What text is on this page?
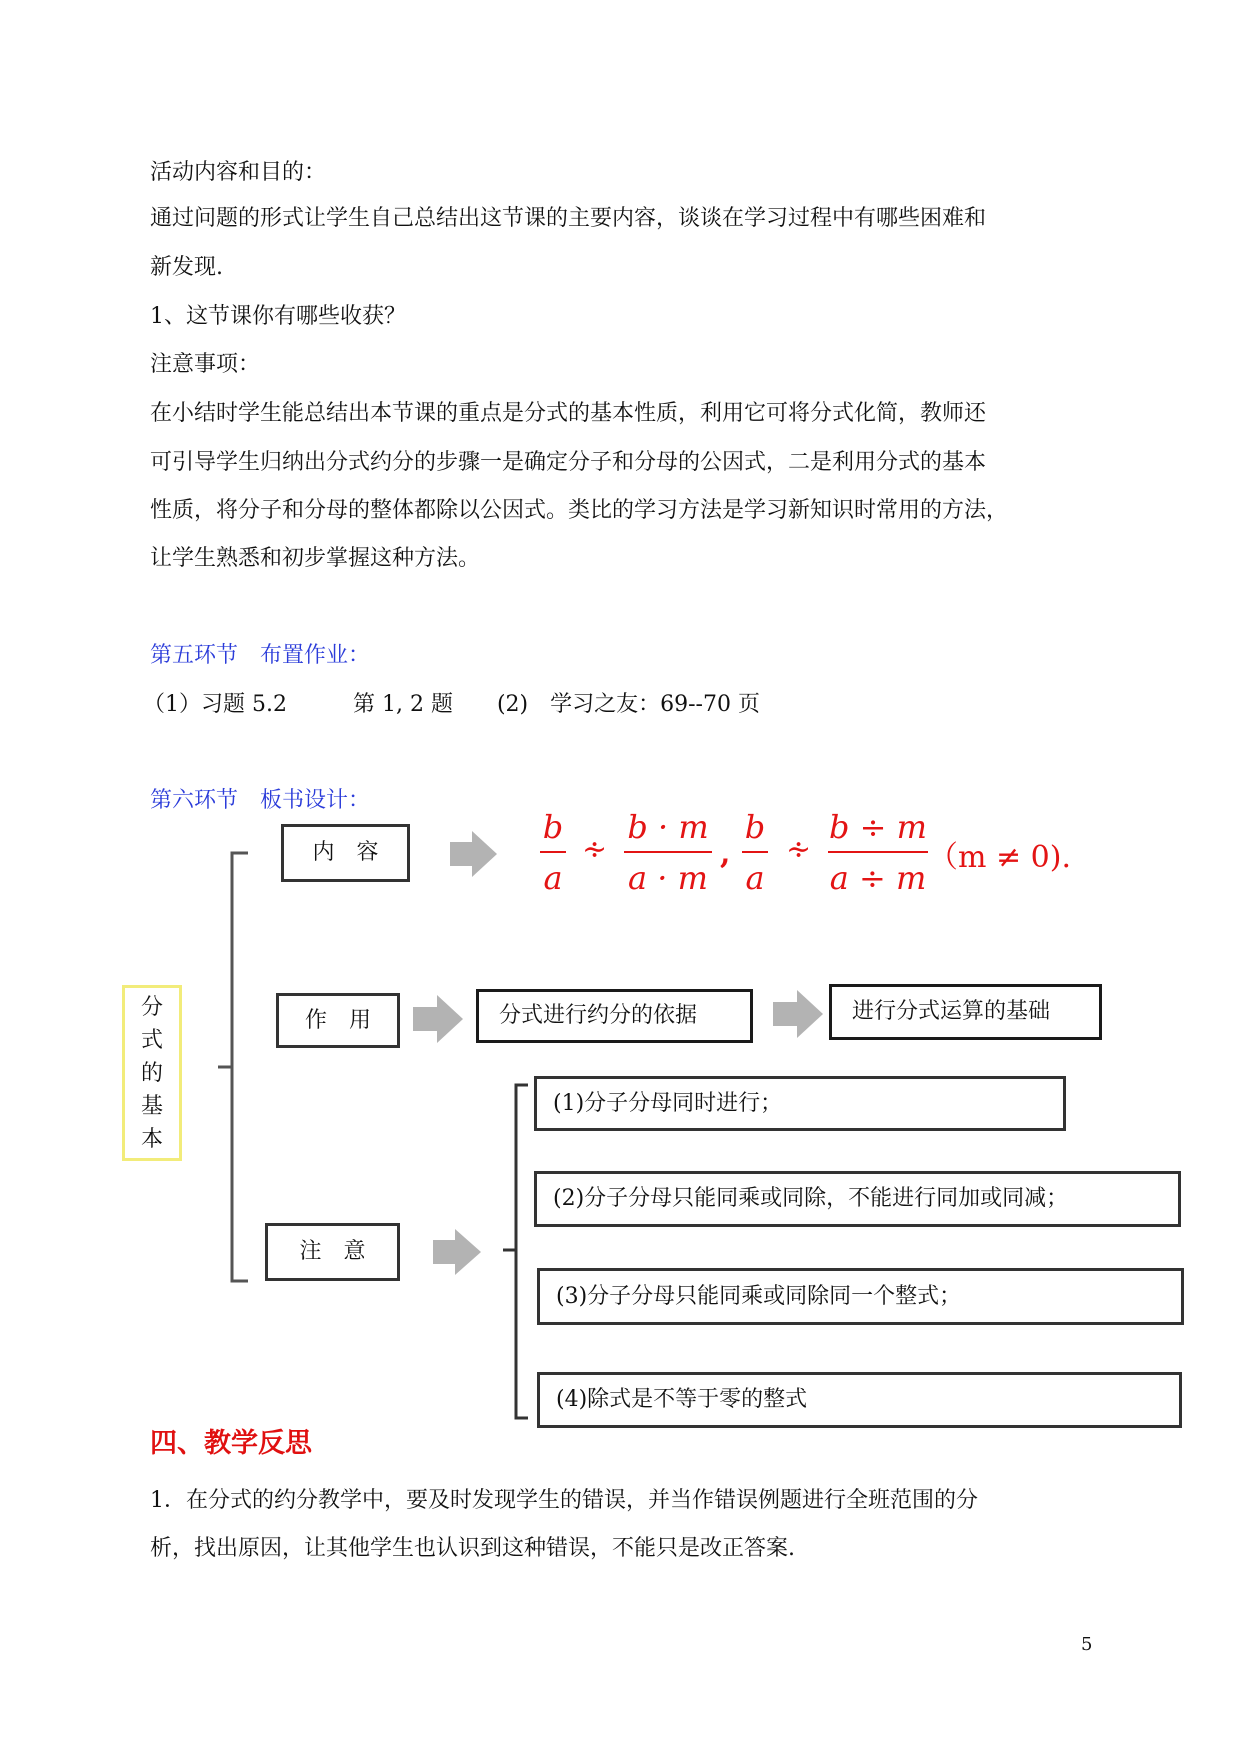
活动内容和目的：
通过问题的形式让学生自己总结出这节课的主要内容，谈谈在学习过程中有哪些困难和
新发现.
1、这节课你有哪些收获？
注意事项：
在小结时学生能总结出本节课的重点是分式的基本性质，利用它可将分式化简，教师还
可引导学生归纳出分式约分的步骤一是确定分子和分母的公因式，二是利用分式的基本
性质，将分子和分母的整体都除以公因式。类比的学习方法是学习新知识时常用的方法，
让学生熟悉和初步掌握这种方法。
第五环节　布置作业：
（1）习题 5.2　　　第 1, 2 题　　(2)　学习之友：69--70 页
第六环节　板书设计：
分
式
的
基
本
内　容
作　用
注　意
分式进行约分的依据	进行分式运算的基础
(1)分子分母同时进行；
(2)分子分母只能同乘或同除，不能进行同加或同减；
(3)分子分母只能同乘或同除同一个整式；
(4)除式是不等于零的整式
b
a
∻
b · m
a · m
,
b
a
∻
b ÷ m
a ÷ m
（m ≠ 0).
四、教学反思
1．在分式的约分教学中，要及时发现学生的错误，并当作错误例题进行全班范围的分
析，找出原因，让其他学生也认识到这种错误，不能只是改正答案.
5
